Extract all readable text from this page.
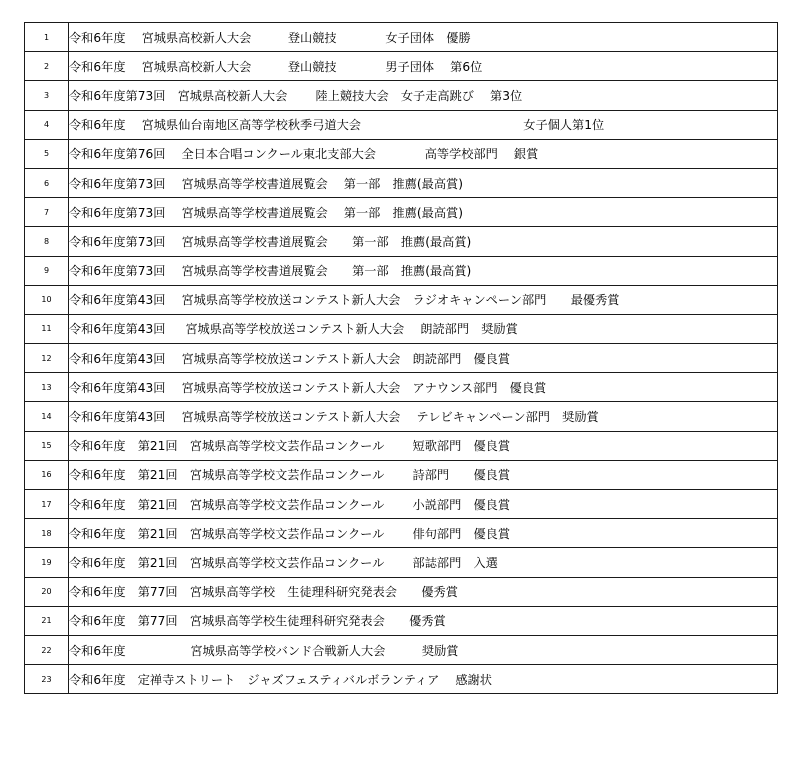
1	令和6年度　 宮城県高校新人大会　　　登山競技　　　　女子団体　優勝
2	令和6年度　 宮城県高校新人大会　　　登山競技　　　　男子団体　 第6位
3	令和6年度第73回　宮城県高校新人大会　　 陸上競技大会　女子走高跳び　 第3位
4	令和6年度　 宮城県仙台南地区高等学校秋季弓道大会　　　　　　　　　　　　　 女子個人第1位
5	令和6年度第76回　 全日本合唱コンクール東北支部大会　　　　高等学校部門　 銀賞
6	令和6年度第73回　 宮城県高等学校書道展覧会　 第一部　推薦(最高賞)
7	令和6年度第73回　 宮城県高等学校書道展覧会　 第一部　推薦(最高賞)
8	令和6年度第73回　 宮城県高等学校書道展覧会　　第一部　推薦(最高賞)
9	令和6年度第73回　 宮城県高等学校書道展覧会　　第一部　推薦(最高賞)
10	令和6年度第43回　 宮城県高等学校放送コンテスト新人大会　ラジオキャンペーン部門　　最優秀賞
11	令和6年度第43回　  宮城県高等学校放送コンテスト新人大会　 朗読部門　奨励賞
12	令和6年度第43回　 宮城県高等学校放送コンテスト新人大会　朗読部門　優良賞
13	令和6年度第43回　 宮城県高等学校放送コンテスト新人大会　アナウンス部門　優良賞
14	令和6年度第43回　 宮城県高等学校放送コンテスト新人大会　 テレビキャンペーン部門　奨励賞
15	令和6年度　第21回　宮城県高等学校文芸作品コンクール　　 短歌部門　優良賞
16	令和6年度　第21回　宮城県高等学校文芸作品コンクール　　 詩部門　　優良賞
17	令和6年度　第21回　宮城県高等学校文芸作品コンクール　　 小説部門　優良賞
18	令和6年度　第21回　宮城県高等学校文芸作品コンクール　　 俳句部門　優良賞
19	令和6年度　第21回　宮城県高等学校文芸作品コンクール　　 部誌部門　入選
20	令和6年度　第77回　宮城県高等学校　生徒理科研究発表会　　優秀賞
21	令和6年度　第77回　宮城県高等学校生徒理科研究発表会　　優秀賞
22	令和6年度　　　　　 宮城県高等学校バンド合戦新人大会　　　奨励賞
23	令和6年度　定禅寺ストリート　ジャズフェスティバルボランティア　 感謝状
